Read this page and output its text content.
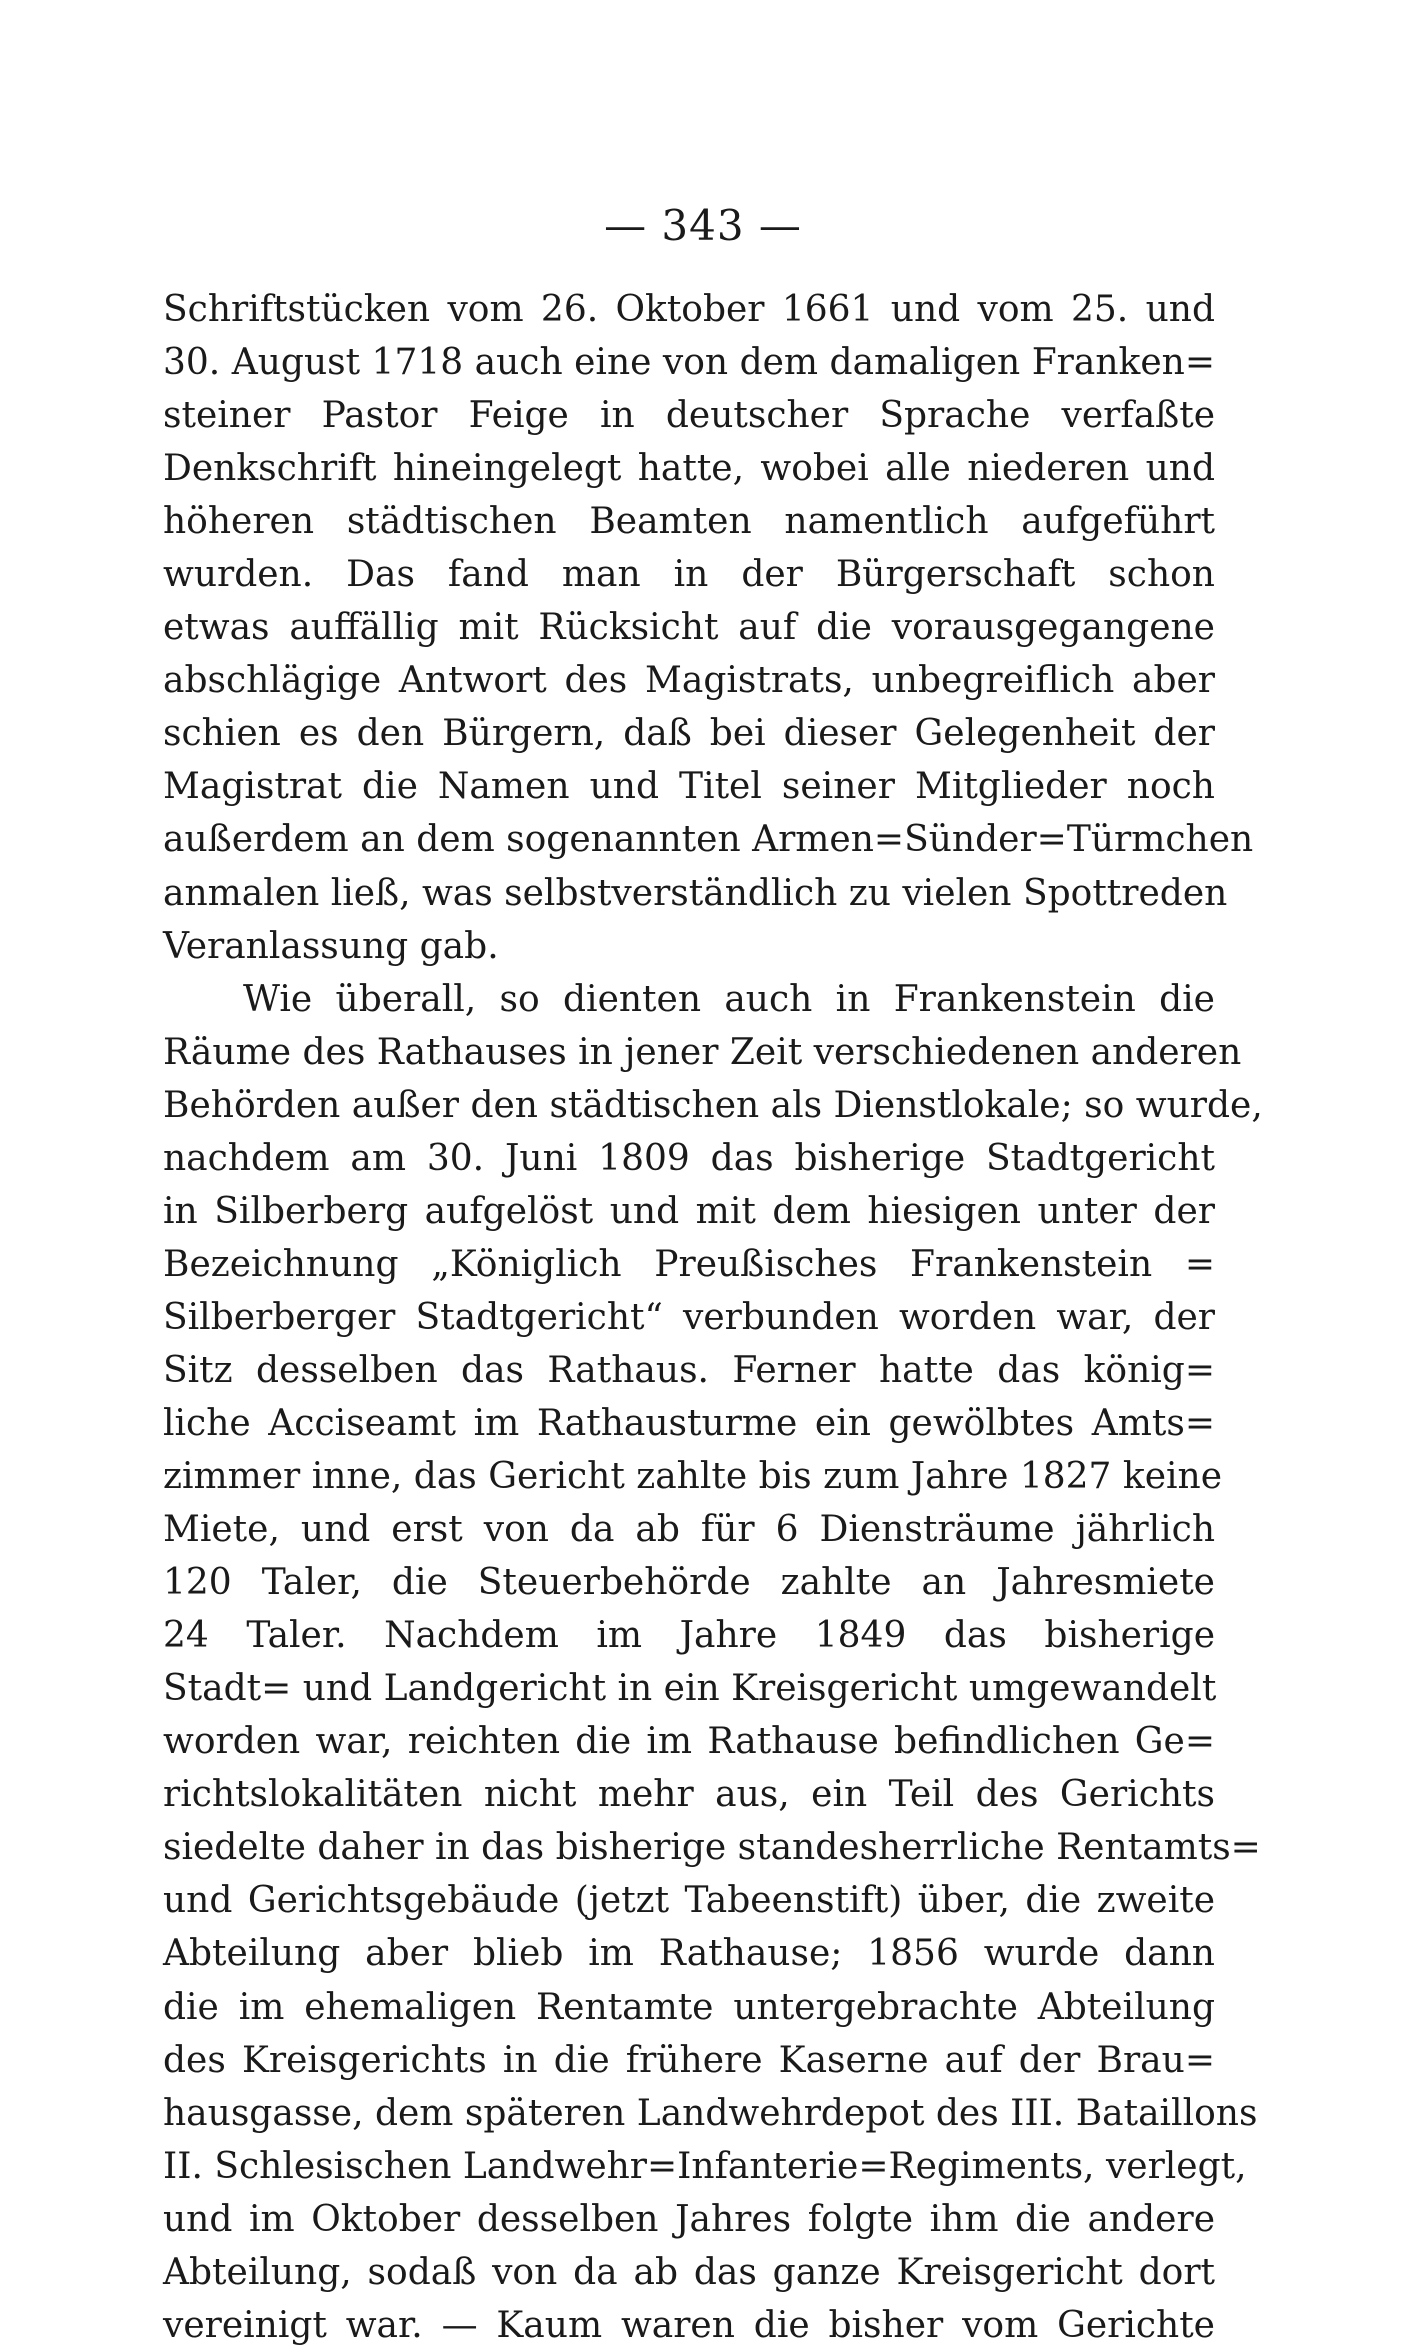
— 343 —
Schriftstücken vom 26. Oktober 1661 und vom 25. und
30. August 1718 auch eine von dem damaligen Franken=
steiner Pastor Feige in deutscher Sprache verfaßte
Denkschrift hineingelegt hatte, wobei alle niederen und
höheren städtischen Beamten namentlich aufgeführt
wurden. Das fand man in der Bürgerschaft schon
etwas auffällig mit Rücksicht auf die vorausgegangene
abschlägige Antwort des Magistrats, unbegreiflich aber
schien es den Bürgern, daß bei dieser Gelegenheit der
Magistrat die Namen und Titel seiner Mitglieder noch
außerdem an dem sogenannten Armen=Sünder=Türmchen
anmalen ließ, was selbstverständlich zu vielen Spottreden
Veranlassung gab.
Wie überall, so dienten auch in Frankenstein die
Räume des Rathauses in jener Zeit verschiedenen anderen
Behörden außer den städtischen als Dienstlokale; so wurde,
nachdem am 30. Juni 1809 das bisherige Stadtgericht
in Silberberg aufgelöst und mit dem hiesigen unter der
Bezeichnung „Königlich Preußisches Frankenstein =
Silberberger Stadtgericht“ verbunden worden war, der
Sitz desselben das Rathaus. Ferner hatte das könig=
liche Acciseamt im Rathausturme ein gewölbtes Amts=
zimmer inne, das Gericht zahlte bis zum Jahre 1827 keine
Miete, und erst von da ab für 6 Diensträume jährlich
120 Taler, die Steuerbehörde zahlte an Jahresmiete
24 Taler. Nachdem im Jahre 1849 das bisherige
Stadt= und Landgericht in ein Kreisgericht umgewandelt
worden war, reichten die im Rathause befindlichen Ge=
richtslokalitäten nicht mehr aus, ein Teil des Gerichts
siedelte daher in das bisherige standesherrliche Rentamts=
und Gerichtsgebäude (jetzt Tabeenstift) über, die zweite
Abteilung aber blieb im Rathause; 1856 wurde dann
die im ehemaligen Rentamte untergebrachte Abteilung
des Kreisgerichts in die frühere Kaserne auf der Brau=
hausgasse, dem späteren Landwehrdepot des III. Bataillons
II. Schlesischen Landwehr=Infanterie=Regiments, verlegt,
und im Oktober desselben Jahres folgte ihm die andere
Abteilung, sodaß von da ab das ganze Kreisgericht dort
vereinigt war. — Kaum waren die bisher vom Gerichte
